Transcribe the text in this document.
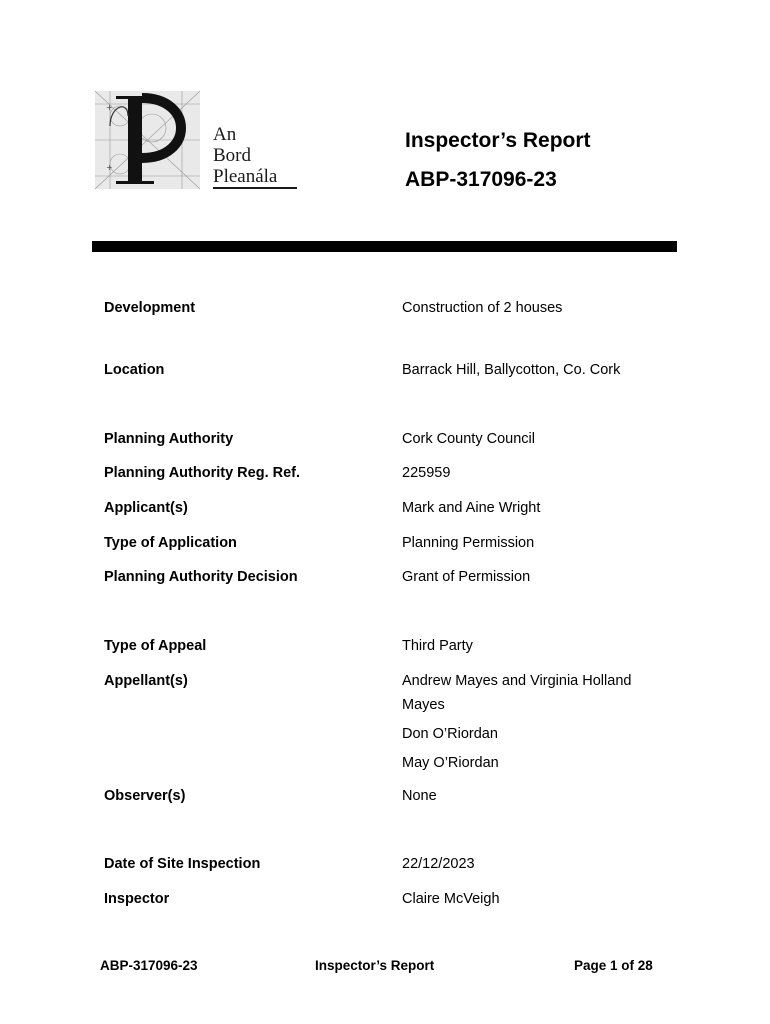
+
+
An
Bord
Pleanála
Inspector’s Report
ABP-317096-23
Development	Construction of 2 houses
Location	Barrack Hill, Ballycotton, Co. Cork
Planning Authority	Cork County Council
Planning Authority Reg. Ref.	225959
Applicant(s)	Mark and Aine Wright
Type of Application	Planning Permission
Planning Authority Decision	Grant of Permission
Type of Appeal	Third Party
Appellant(s)	Andrew Mayes and Virginia Holland
Mayes
Don O’Riordan
May O’Riordan
Observer(s)	None
Date of Site Inspection	22/12/2023
Inspector	Claire McVeigh
ABP-317096-23	Inspector’s Report	Page 1 of 28
